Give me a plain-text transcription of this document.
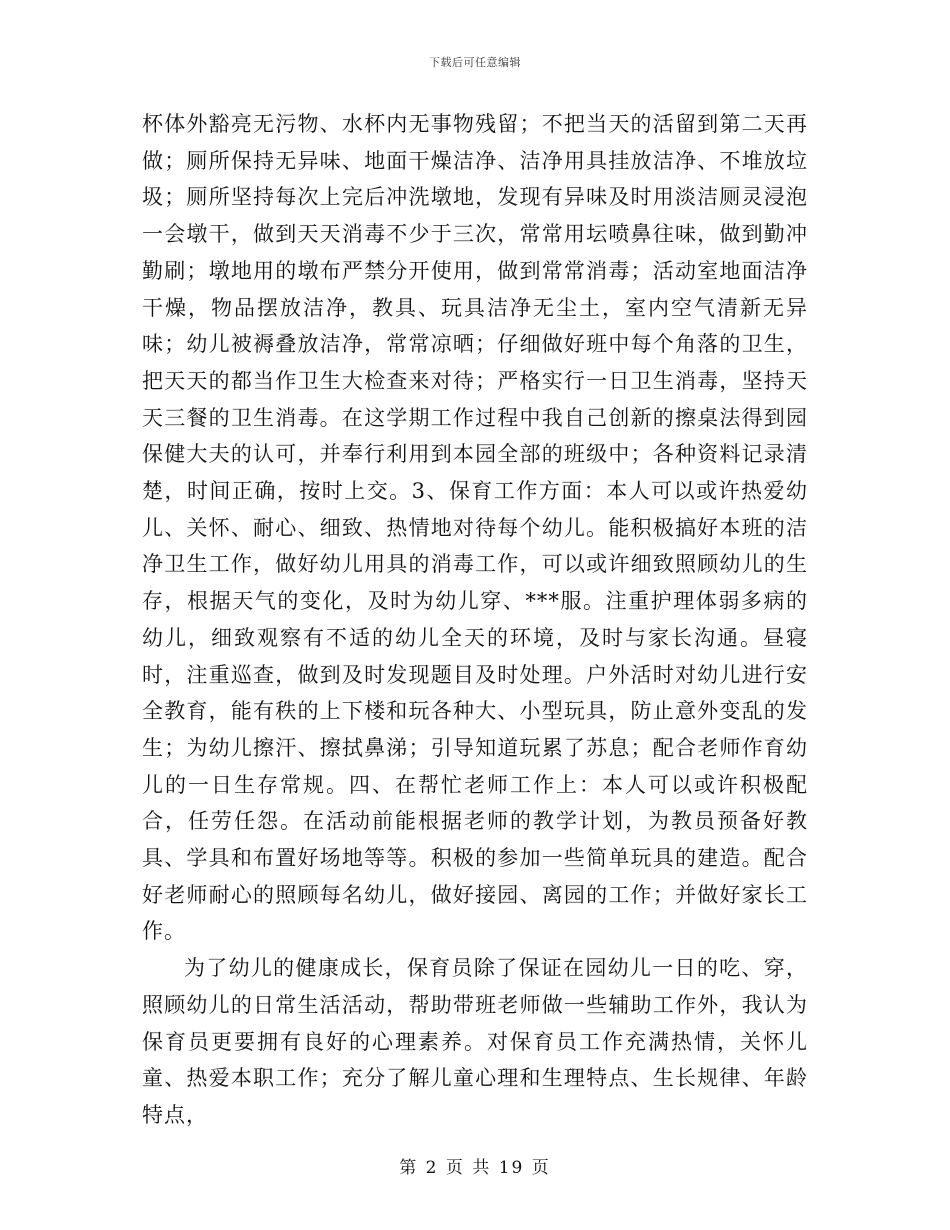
下载后可任意编辑

杯体外豁亮无污物、水杯内无事物残留；不把当天的活留到第二天再做；厕所保持无异味、地面干燥洁净、洁净用具挂放洁净、不堆放垃圾；厕所坚持每次上完后冲洗墩地，发现有异味及时用淡洁厕灵浸泡一会墩干，做到天天消毒不少于三次，常常用坛喷鼻往味，做到勤冲勤刷；墩地用的墩布严禁分开使用，做到常常消毒；活动室地面洁净干燥，物品摆放洁净，教具、玩具洁净无尘土，室内空气清新无异味；幼儿被褥叠放洁净，常常凉晒；仔细做好班中每个角落的卫生，把天天的都当作卫生大检查来对待；严格实行一日卫生消毒，坚持天天三餐的卫生消毒。在这学期工作过程中我自己创新的擦桌法得到园保健大夫的认可，并奉行利用到本园全部的班级中；各种资料记录清楚，时间正确，按时上交。3、保育工作方面：本人可以或许热爱幼儿、关怀、耐心、细致、热情地对待每个幼儿。能积极搞好本班的洁净卫生工作，做好幼儿用具的消毒工作，可以或许细致照顾幼儿的生存，根据天气的变化，及时为幼儿穿、***服。注重护理体弱多病的幼儿，细致观察有不适的幼儿全天的环境，及时与家长沟通。昼寝时，注重巡查，做到及时发现题目及时处理。户外活时对幼儿进行安全教育，能有秩的上下楼和玩各种大、小型玩具，防止意外变乱的发生；为幼儿擦汗、擦拭鼻涕；引导知道玩累了苏息；配合老师作育幼儿的一日生存常规。四、在帮忙老师工作上：本人可以或许积极配合，任劳任怨。在活动前能根据老师的教学计划，为教员预备好教具、学具和布置好场地等等。积极的参加一些简单玩具的建造。配合好老师耐心的照顾每名幼儿，做好接园、离园的工作；并做好家长工作。

为了幼儿的健康成长，保育员除了保证在园幼儿一日的吃、穿，照顾幼儿的日常生活活动，帮助带班老师做一些辅助工作外，我认为保育员更要拥有良好的心理素养。对保育员工作充满热情，关怀儿童、热爱本职工作；充分了解儿童心理和生理特点、生长规律、年龄特点，

第 2 页 共 19 页
